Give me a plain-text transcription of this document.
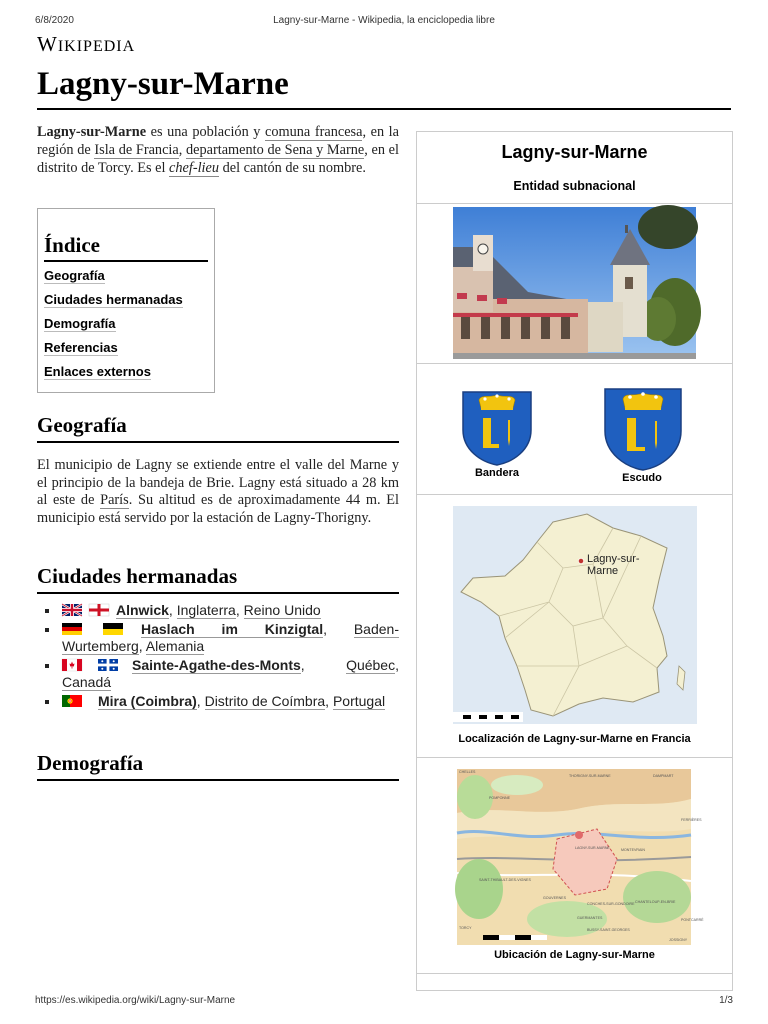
6/8/2020	Lagny-sur-Marne - Wikipedia, la enciclopedia libre
WIKIPEDIA
Lagny-sur-Marne

Lagny-sur-Marne es una población y comuna francesa, en la región de Isla de Francia, departamento de Sena y Marne, en el distrito de Torcy. Es el chef-lieu del cantón de su nombre.

Índice
Geografía
Ciudades hermanadas
Demografía
Referencias
Enlaces externos
Geografía

El municipio de Lagny se extiende entre el valle del Marne y el principio de la bandeja de Brie. Lagny está situado a 28 km al este de París. Su altitud es de aproximadamente 44 m. El municipio está servido por la estación de Lagny-Thorigny.

Ciudades hermanadas
Alnwick, Inglaterra, Reino Unido
Haslach im Kinzigtal, Baden-Wurtemberg, Alemania
Sainte-Agathe-des-Monts, Québec, Canadá
Mira (Coimbra), Distrito de Coímbra, Portugal
Demografía
Lagny-sur-Marne
Entidad subnacional
Bandera	Escudo
Lagny-sur-Marne
Localización de Lagny-sur-Marne en Francia
THORIGNY-SUR-MARNE	DAMPMART
POMPONNE
LAGNY-SUR-MARNE	MONTEVRAIN
SAINT-THIBAULT-DES-VIGNES
GOUVERNES
CONCHES-SUR-GONDOIRE CHANTELOUP-EN-BRIE
GUERMANTES
BUSSY-SAINT-GEORGES
JOSSIGNY
CHELLES
TORCY
FERRIÈRES
PONTCARRÉ
Ubicación de Lagny-sur-Marne
https://es.wikipedia.org/wiki/Lagny-sur-Marne	1/3
